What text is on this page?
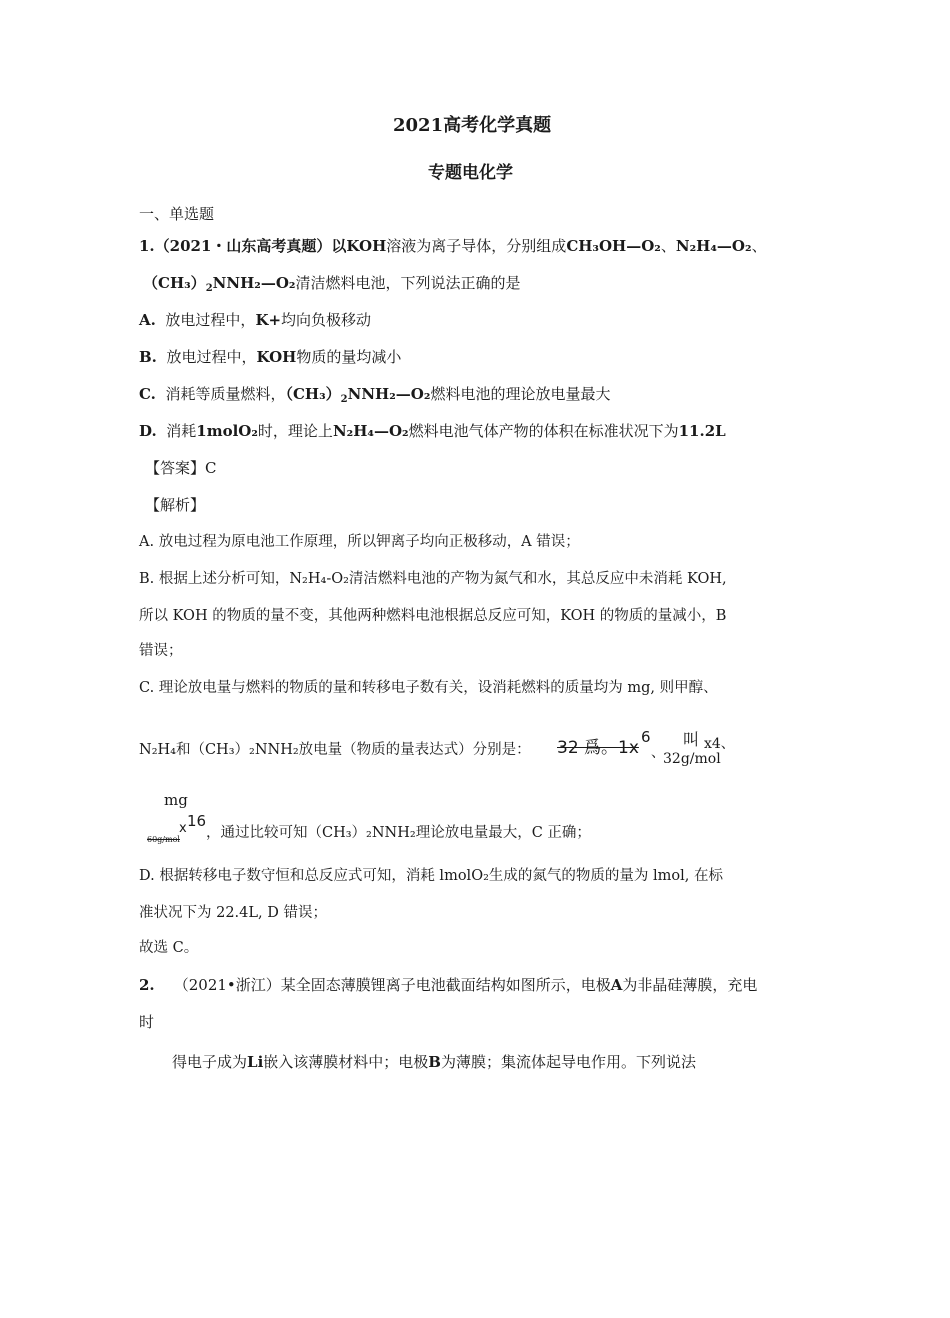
2021高考化学真题
专题电化学
一、单选题
1.（2021・山东高考真题）以KOH溶液为离子导体，分别组成CH₃OH—O₂、N₂H₄—O₂、
$(CH_3)_2NNH_2—O_2$清洁燃料电池，下列说法正确的是
A. 放电过程中，K+均向负极移动
B. 放电过程中，KOH物质的量均减小
C. 消耗等质量燃料，$(CH_3)_2NNH_2—O_2$燃料电池的理论放电量最大
D. 消耗1molO₂时，理论上N₂H₄—O₂燃料电池气体产物的体积在标准状况下为11.2L
【答案】C
【解析】
A. 放电过程为原电池工作原理，所以钾离子均向正极移动，A 错误；
B. 根据上述分析可知，N₂H₄-O₂清洁燃料电池的产物为氮气和水，其总反应中未消耗 KOH,
所以 KOH 的物质的量不变，其他两种燃料电池根据总反应可知，KOH 的物质的量减小，B
错误；
C. 理论放电量与燃料的物质的量和转移电子数有关，设消耗燃料的质量均为 mg, 则甲醇、
N₂H₄和（CH₃）₂NNH₂放电量（物质的量表达式）分别是： 32 爲。1x
6
、
叫 x4、
32g/mol
mg
60g/mol
x 16
，通过比较可知（CH₃）₂NNH₂理论放电量最大，C 正确；
D. 根据转移电子数守恒和总反应式可知，消耗 lmolO₂生成的氮气的物质的量为 lmol, 在标
准状况下为 22.4L, D 错误；
故选 C。
2. （2021•浙江）某全固态薄膜锂离子电池截面结构如图所示，电极A为非晶硅薄膜，充电
时
得电子成为Li嵌入该薄膜材料中；电极B为薄膜；集流体起导电作用。下列说法
